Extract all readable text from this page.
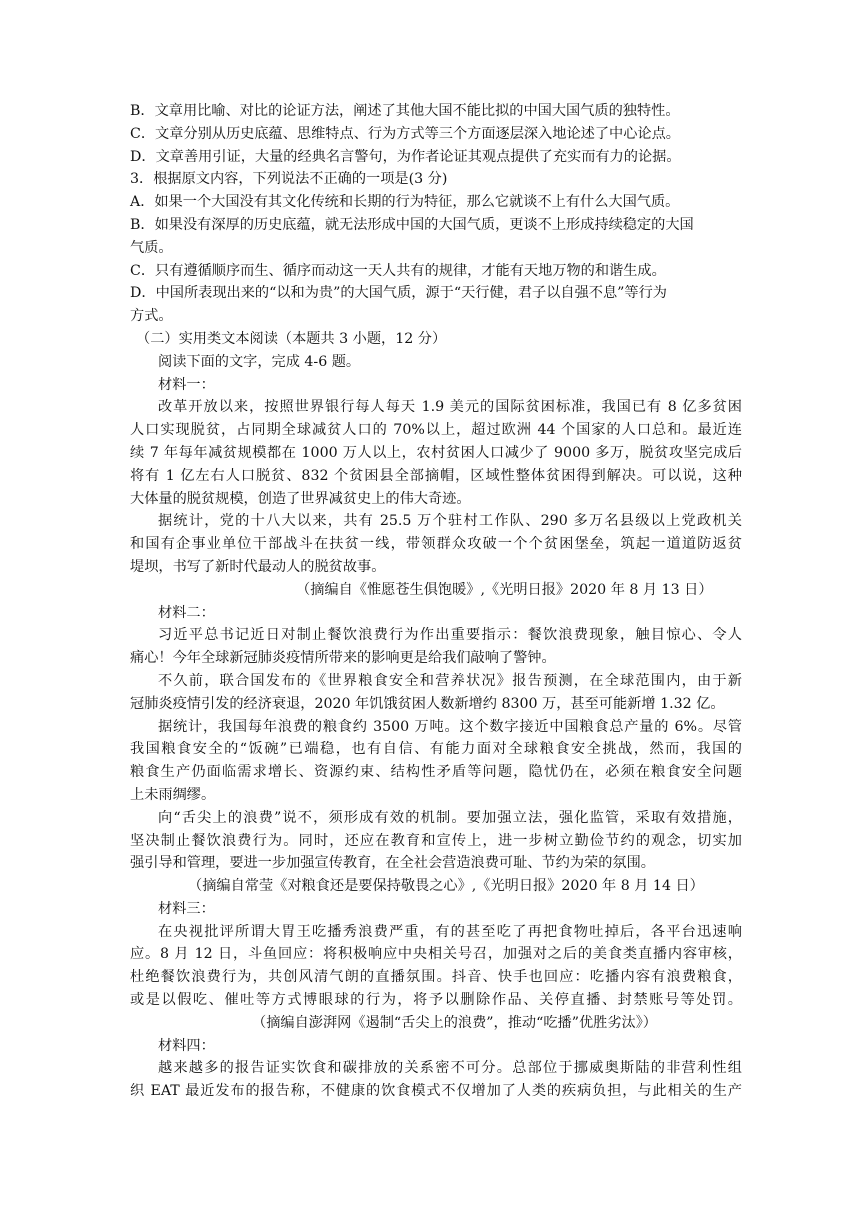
B．文章用比喻、对比的论证方法，阐述了其他大国不能比拟的中国大国气质的独特性。

C．文章分别从历史底蕴、思维特点、行为方式等三个方面逐层深入地论述了中心论点。

D．文章善用引证，大量的经典名言警句，为作者论证其观点提供了充实而有力的论据。

3．根据原文内容，下列说法不正确的一项是(3 分)

A．如果一个大国没有其文化传统和长期的行为特征，那么它就谈不上有什么大国气质。

B．如果没有深厚的历史底蕴，就无法形成中国的大国气质，更谈不上形成持续稳定的大国

气质。

C．只有遵循顺序而生、循序而动这一天人共有的规律，才能有天地万物的和谐生成。

D．中国所表现出来的“以和为贵”的大国气质，源于“天行健，君子以自强不息”等行为

方式。

（二）实用类文本阅读（本题共 3 小题，12 分）

阅读下面的文字，完成 4-6 题。

材料一：

改革开放以来，按照世界银行每人每天 1.9 美元的国际贫困标准，我国已有 8 亿多贫困
人口实现脱贫，占同期全球减贫人口的 70%以上，超过欧洲 44 个国家的人口总和。最近连
续 7 年每年减贫规模都在 1000 万人以上，农村贫困人口减少了 9000 多万，脱贫攻坚完成后
将有 1 亿左右人口脱贫、832 个贫困县全部摘帽，区域性整体贫困得到解决。可以说，这种
大体量的脱贫规模，创造了世界减贫史上的伟大奇迹。
据统计，党的十八大以来，共有 25.5 万个驻村工作队、290 多万名县级以上党政机关
和国有企事业单位干部战斗在扶贫一线，带领群众攻破一个个贫困堡垒，筑起一道道防返贫
堤坝，书写了新时代最动人的脱贫故事。

（摘编自《惟愿苍生俱饱暖》,《光明日报》2020 年 8 月 13 日）

材料二：

习近平总书记近日对制止餐饮浪费行为作出重要指示：餐饮浪费现象，触目惊心、令人
痛心！今年全球新冠肺炎疫情所带来的影响更是给我们敲响了警钟。
不久前，联合国发布的《世界粮食安全和营养状况》报告预测，在全球范围内，由于新
冠肺炎疫情引发的经济衰退，2020 年饥饿贫困人数新增约 8300 万，甚至可能新增 1.32 亿。
据统计，我国每年浪费的粮食约 3500 万吨。这个数字接近中国粮食总产量的 6%。尽管
我国粮食安全的“饭碗”已端稳，也有自信、有能力面对全球粮食安全挑战，然而，我国的
粮食生产仍面临需求增长、资源约束、结构性矛盾等问题，隐忧仍在，必须在粮食安全问题
上未雨绸缪。
向“舌尖上的浪费”说不，须形成有效的机制。要加强立法，强化监管，采取有效措施，
坚决制止餐饮浪费行为。同时，还应在教育和宣传上，进一步树立勤俭节约的观念，切实加
强引导和管理，要进一步加强宣传教育，在全社会营造浪费可耻、节约为荣的氛围。

（摘编自常莹《对粮食还是要保持敬畏之心》,《光明日报》2020 年 8 月 14 日）

材料三：

在央视批评所谓大胃王吃播秀浪费严重，有的甚至吃了再把食物吐掉后，各平台迅速响
应。8 月 12 日，斗鱼回应：将积极响应中央相关号召，加强对之后的美食类直播内容审核，
杜绝餐饮浪费行为，共创风清气朗的直播氛围。抖音、快手也回应：吃播内容有浪费粮食，
或是以假吃、催吐等方式博眼球的行为，将予以删除作品、关停直播、封禁账号等处罚。

（摘编自澎湃网《遏制“舌尖上的浪费”，推动“吃播”优胜劣汰》）

材料四：

越来越多的报告证实饮食和碳排放的关系密不可分。总部位于挪威奥斯陆的非营利性组
织 EAT 最近发布的报告称，不健康的饮食模式不仅增加了人类的疾病负担，与此相关的生产
